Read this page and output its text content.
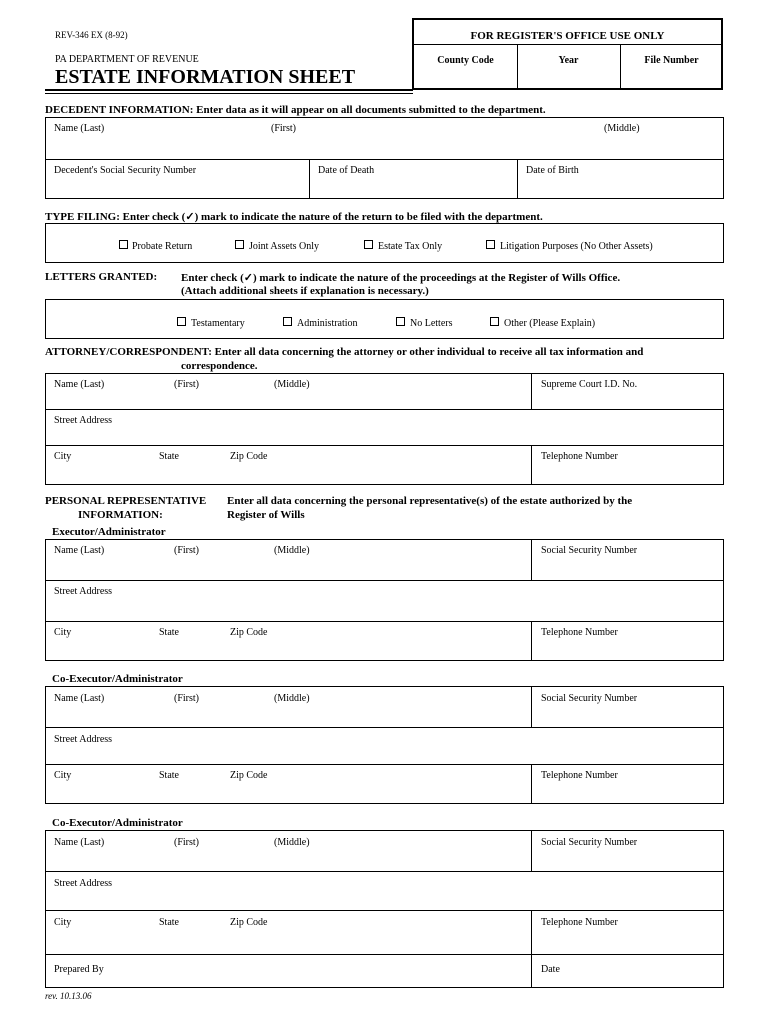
REV-346 EX (8-92)
PA DEPARTMENT OF REVENUE
ESTATE INFORMATION SHEET
FOR REGISTER'S OFFICE USE ONLY
County Code	Year	File Number
DECEDENT INFORMATION: Enter data as it will appear on all documents submitted to the department.
Name (Last)	(First)	(Middle)
Decedent's Social Security Number	Date of Death	Date of Birth
TYPE FILING: Enter check (✓) mark to indicate the nature of the return to be filed with the department.
Probate Return	Joint Assets Only	Estate Tax Only	Litigation Purposes (No Other Assets)
LETTERS GRANTED: Enter check (✓) mark to indicate the nature of the proceedings at the Register of Wills Office.
(Attach additional sheets if explanation is necessary.)
Testamentary	Administration	No Letters	Other (Please Explain)
ATTORNEY/CORRESPONDENT: Enter all data concerning the attorney or other individual to receive all tax information and
correspondence.
Name (Last)	(First)	(Middle)	Supreme Court I.D. No.
Street Address
City	State	Zip Code	Telephone Number
PERSONAL REPRESENTATIVE
INFORMATION:
Enter all data concerning the personal representative(s) of the estate authorized by the
Register of Wills
Executor/Administrator
Name (Last)	(First)	(Middle)	Social Security Number
Street Address
City	State	Zip Code	Telephone Number
Co-Executor/Administrator
Name (Last)	(First)	(Middle)	Social Security Number
Street Address
City	State	Zip Code	Telephone Number
Co-Executor/Administrator
Name (Last)	(First)	(Middle)	Social Security Number
Street Address
City	State	Zip Code	Telephone Number
Prepared By	Date
rev. 10.13.06
